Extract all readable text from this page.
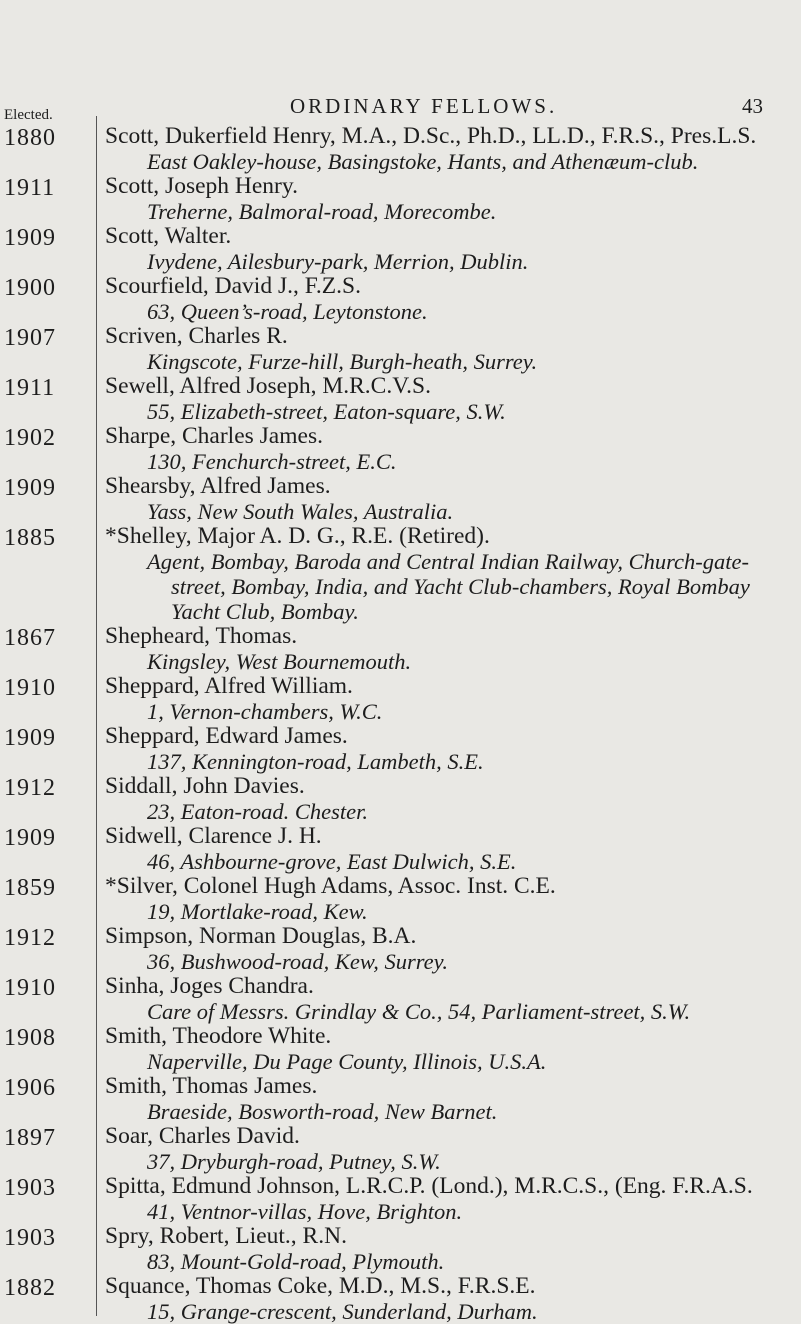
Elected.	ORDINARY FELLOWS.	43
1880 Scott, Dukerfield Henry, M.A., D.Sc., Ph.D., LL.D., F.R.S., Pres.L.S.
East Oakley-house, Basingstoke, Hants, and Athenæum-club.
1911 Scott, Joseph Henry.
Treherne, Balmoral-road, Morecombe.
1909 Scott, Walter.
Ivydene, Ailesbury-park, Merrion, Dublin.
1900 Scourfield, David J., F.Z.S.
63, Queen’s-road, Leytonstone.
1907 Scriven, Charles R.
Kingscote, Furze-hill, Burgh-heath, Surrey.
1911 Sewell, Alfred Joseph, M.R.C.V.S.
55, Elizabeth-street, Eaton-square, S.W.
1902 Sharpe, Charles James.
130, Fenchurch-street, E.C.
1909 Shearsby, Alfred James.
Yass, New South Wales, Australia.
1885 *Shelley, Major A. D. G., R.E. (Retired).
Agent, Bombay, Baroda and Central Indian Railway, Church-gate-street, Bombay, India, and Yacht Club-chambers, Royal Bombay Yacht Club, Bombay.
1867 Shepheard, Thomas.
Kingsley, West Bournemouth.
1910 Sheppard, Alfred William.
1, Vernon-chambers, W.C.
1909 Sheppard, Edward James.
137, Kennington-road, Lambeth, S.E.
1912 Siddall, John Davies.
23, Eaton-road. Chester.
1909 Sidwell, Clarence J. H.
46, Ashbourne-grove, East Dulwich, S.E.
1859 *Silver, Colonel Hugh Adams, Assoc. Inst. C.E.
19, Mortlake-road, Kew.
1912 Simpson, Norman Douglas, B.A.
36, Bushwood-road, Kew, Surrey.
1910 Sinha, Joges Chandra.
Care of Messrs. Grindlay & Co., 54, Parliament-street, S.W.
1908 Smith, Theodore White.
Naperville, Du Page County, Illinois, U.S.A.
1906 Smith, Thomas James.
Braeside, Bosworth-road, New Barnet.
1897 Soar, Charles David.
37, Dryburgh-road, Putney, S.W.
1903 Spitta, Edmund Johnson, L.R.C.P. (Lond.), M.R.C.S., (Eng. F.R.A.S.
41, Ventnor-villas, Hove, Brighton.
1903 Spry, Robert, Lieut., R.N.
83, Mount-Gold-road, Plymouth.
1882 Squance, Thomas Coke, M.D., M.S., F.R.S.E.
15, Grange-crescent, Sunderland, Durham.
